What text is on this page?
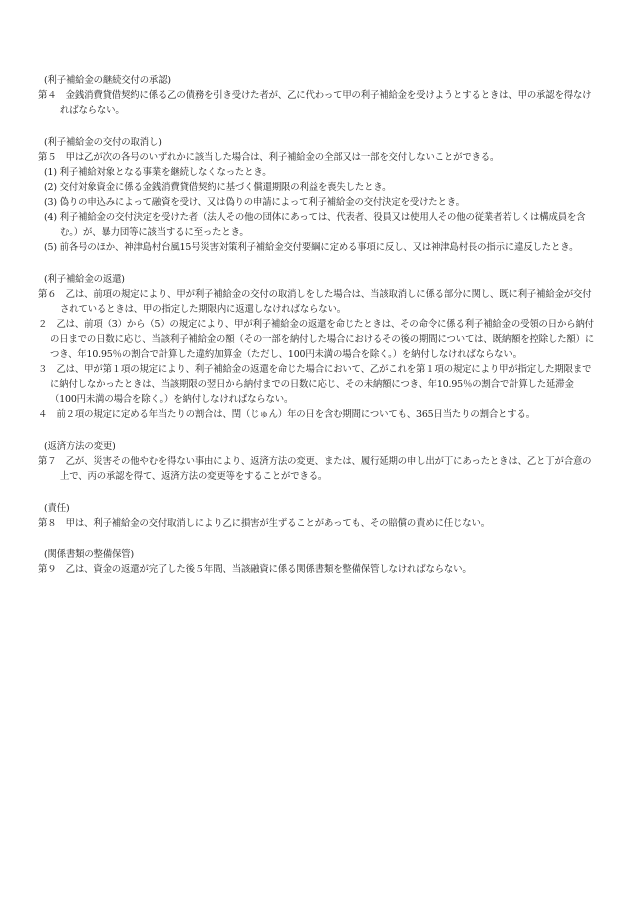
(利子補給金の継続交付の承認)

第４　金銭消費貸借契約に係る乙の債務を引き受けた者が、乙に代わって甲の利子補給金を受けようとするときは、甲の承認を得なければならない。

(利子補給金の交付の取消し)

第５　甲は乙が次の各号のいずれかに該当した場合は、利子補給金の全部又は一部を交付しないことができる。

(1) 利子補給対象となる事業を継続しなくなったとき。

(2) 交付対象資金に係る金銭消費貸借契約に基づく償還期限の利益を喪失したとき。

(3) 偽りの申込みによって融資を受け、又は偽りの申請によって利子補給金の交付決定を受けたとき。

(4) 利子補給金の交付決定を受けた者（法人その他の団体にあっては、代表者、役員又は使用人その他の従業者若しくは構成員を含む。）が、暴力団等に該当するに至ったとき。

(5) 前各号のほか、神津島村台風15号災害対策利子補給金交付要綱に定める事項に反し、又は神津島村長の指示に違反したとき。

(利子補給金の返還)

第６　乙は、前項の規定により、甲が利子補給金の交付の取消しをした場合は、当該取消しに係る部分に関し、既に利子補給金が交付されているときは、甲の指定した期限内に返還しなければならない。

２　乙は、前項（3）から（5）の規定により、甲が利子補給金の返還を命じたときは、その命令に係る利子補給金の受領の日から納付の日までの日数に応じ、当該利子補給金の額（その一部を納付した場合におけるその後の期間については、既納額を控除した額）につき、年10.95％の割合で計算した違約加算金（ただし、100円未満の場合を除く。）を納付しなければならない。

３　乙は、甲が第１項の規定により、利子補給金の返還を命じた場合において、乙がこれを第１項の規定により甲が指定した期限までに納付しなかったときは、当該期限の翌日から納付までの日数に応じ、その未納額につき、年10.95％の割合で計算した延滞金（100円未満の場合を除く。）を納付しなければならない。

４　前２項の規定に定める年当たりの割合は、閏（じゅん）年の日を含む期間についても、365日当たりの割合とする。

(返済方法の変更)

第７　乙が、災害その他やむを得ない事由により、返済方法の変更、または、履行延期の申し出が丁にあったときは、乙と丁が合意の上で、丙の承認を得て、返済方法の変更等をすることができる。

(責任)

第８　甲は、利子補給金の交付取消しにより乙に損害が生ずることがあっても、その賠償の責めに任じない。

(関係書類の整備保管)

第９　乙は、資金の返還が完了した後５年間、当該融資に係る関係書類を整備保管しなければならない。
